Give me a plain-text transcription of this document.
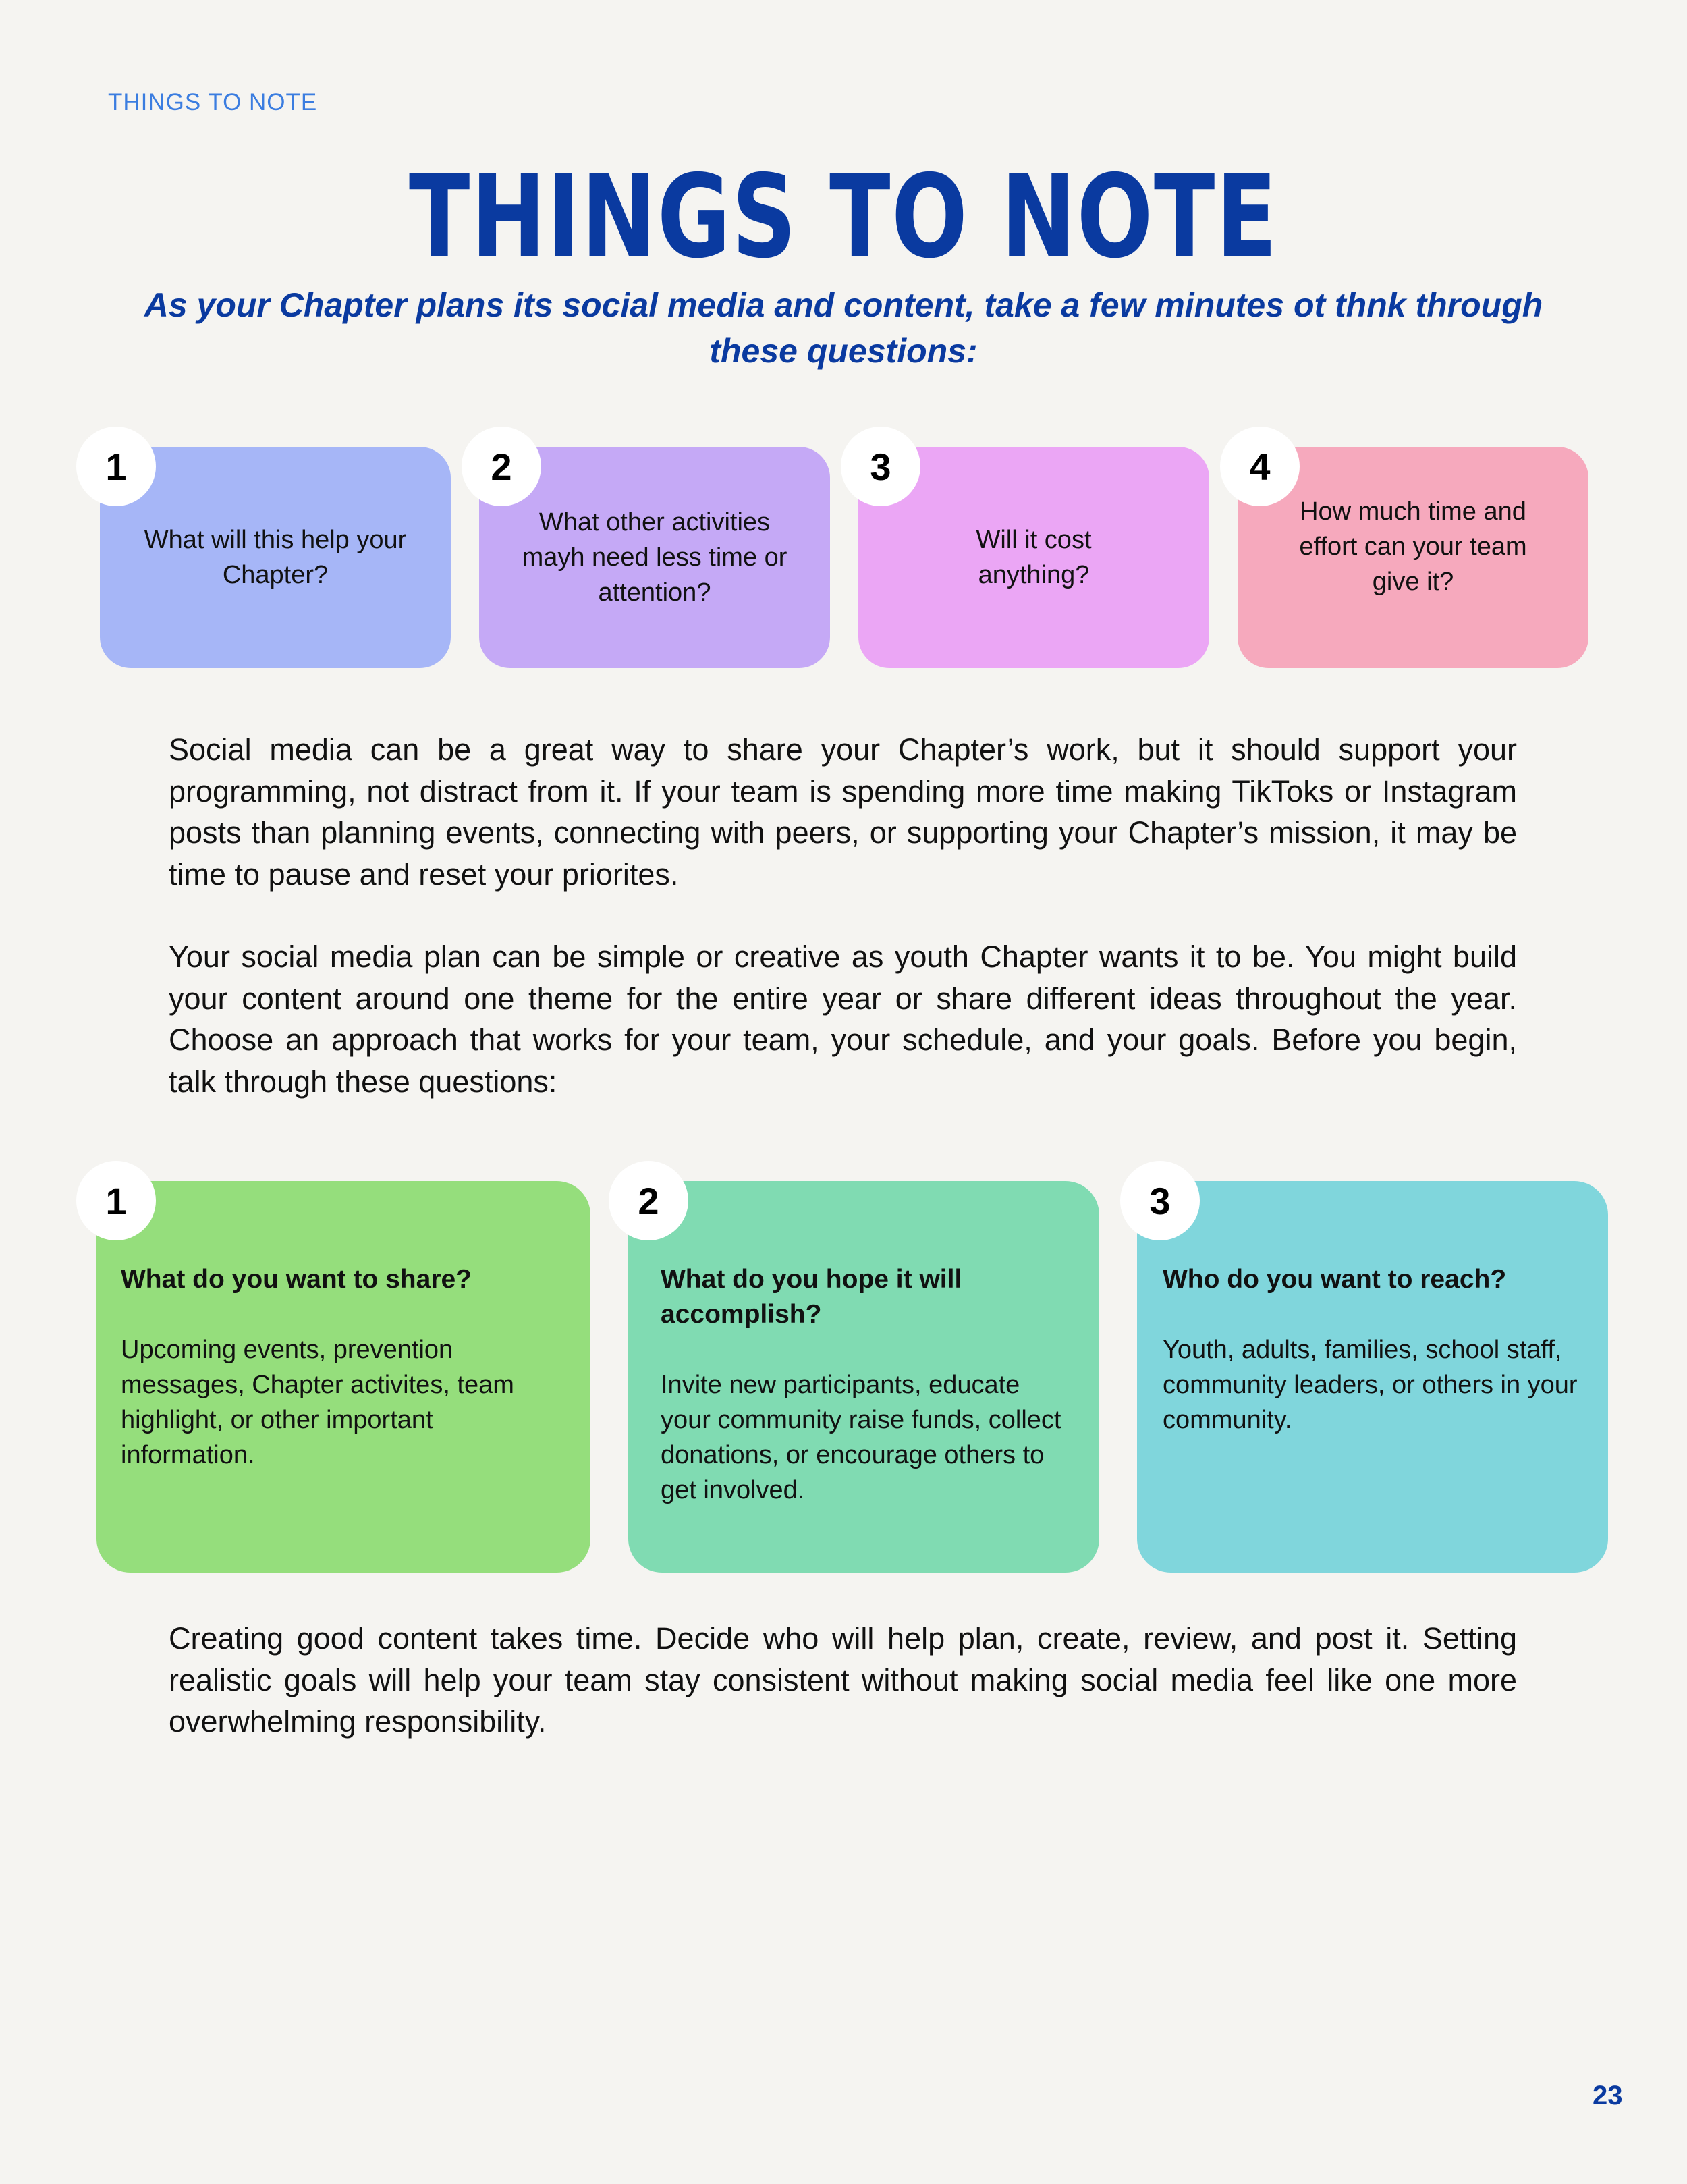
THINGS TO NOTE
THINGS TO NOTE

As your Chapter plans its social media and content, take a few minutes ot thnk through these questions:

What will this help your Chapter?
1
What other activities mayh need less time or attention?
2
Will it cost anything?
3
How much time and effort can your team give it?
4

Social media can be a great way to share your Chapter’s work, but it should support your programming, not distract from it. If your team is spending more time making TikToks or Instagram posts than planning events, connecting with peers, or supporting your Chapter’s mission, it may be time to pause and reset your priorites.

Your social media plan can be simple or creative as youth Chapter wants it to be. You might build your content around one theme for the entire year or share different ideas throughout the year. Choose an approach that works for your team, your schedule, and your goals. Before you begin, talk through these questions:

What do you want to share?
Upcoming events, prevention messages, Chapter activites, team highlight, or other important information.
1
What do you hope it will accomplish?
Invite new participants, educate your community raise funds, collect donations, or encourage others to get involved.
2
Who do you want to reach?
Youth, adults, families, school staff, community leaders, or others in your community.
3

Creating good content takes time. Decide who will help plan, create, review, and post it. Setting realistic goals will help your team stay consistent without making social media feel like one more overwhelming responsibility.

23
